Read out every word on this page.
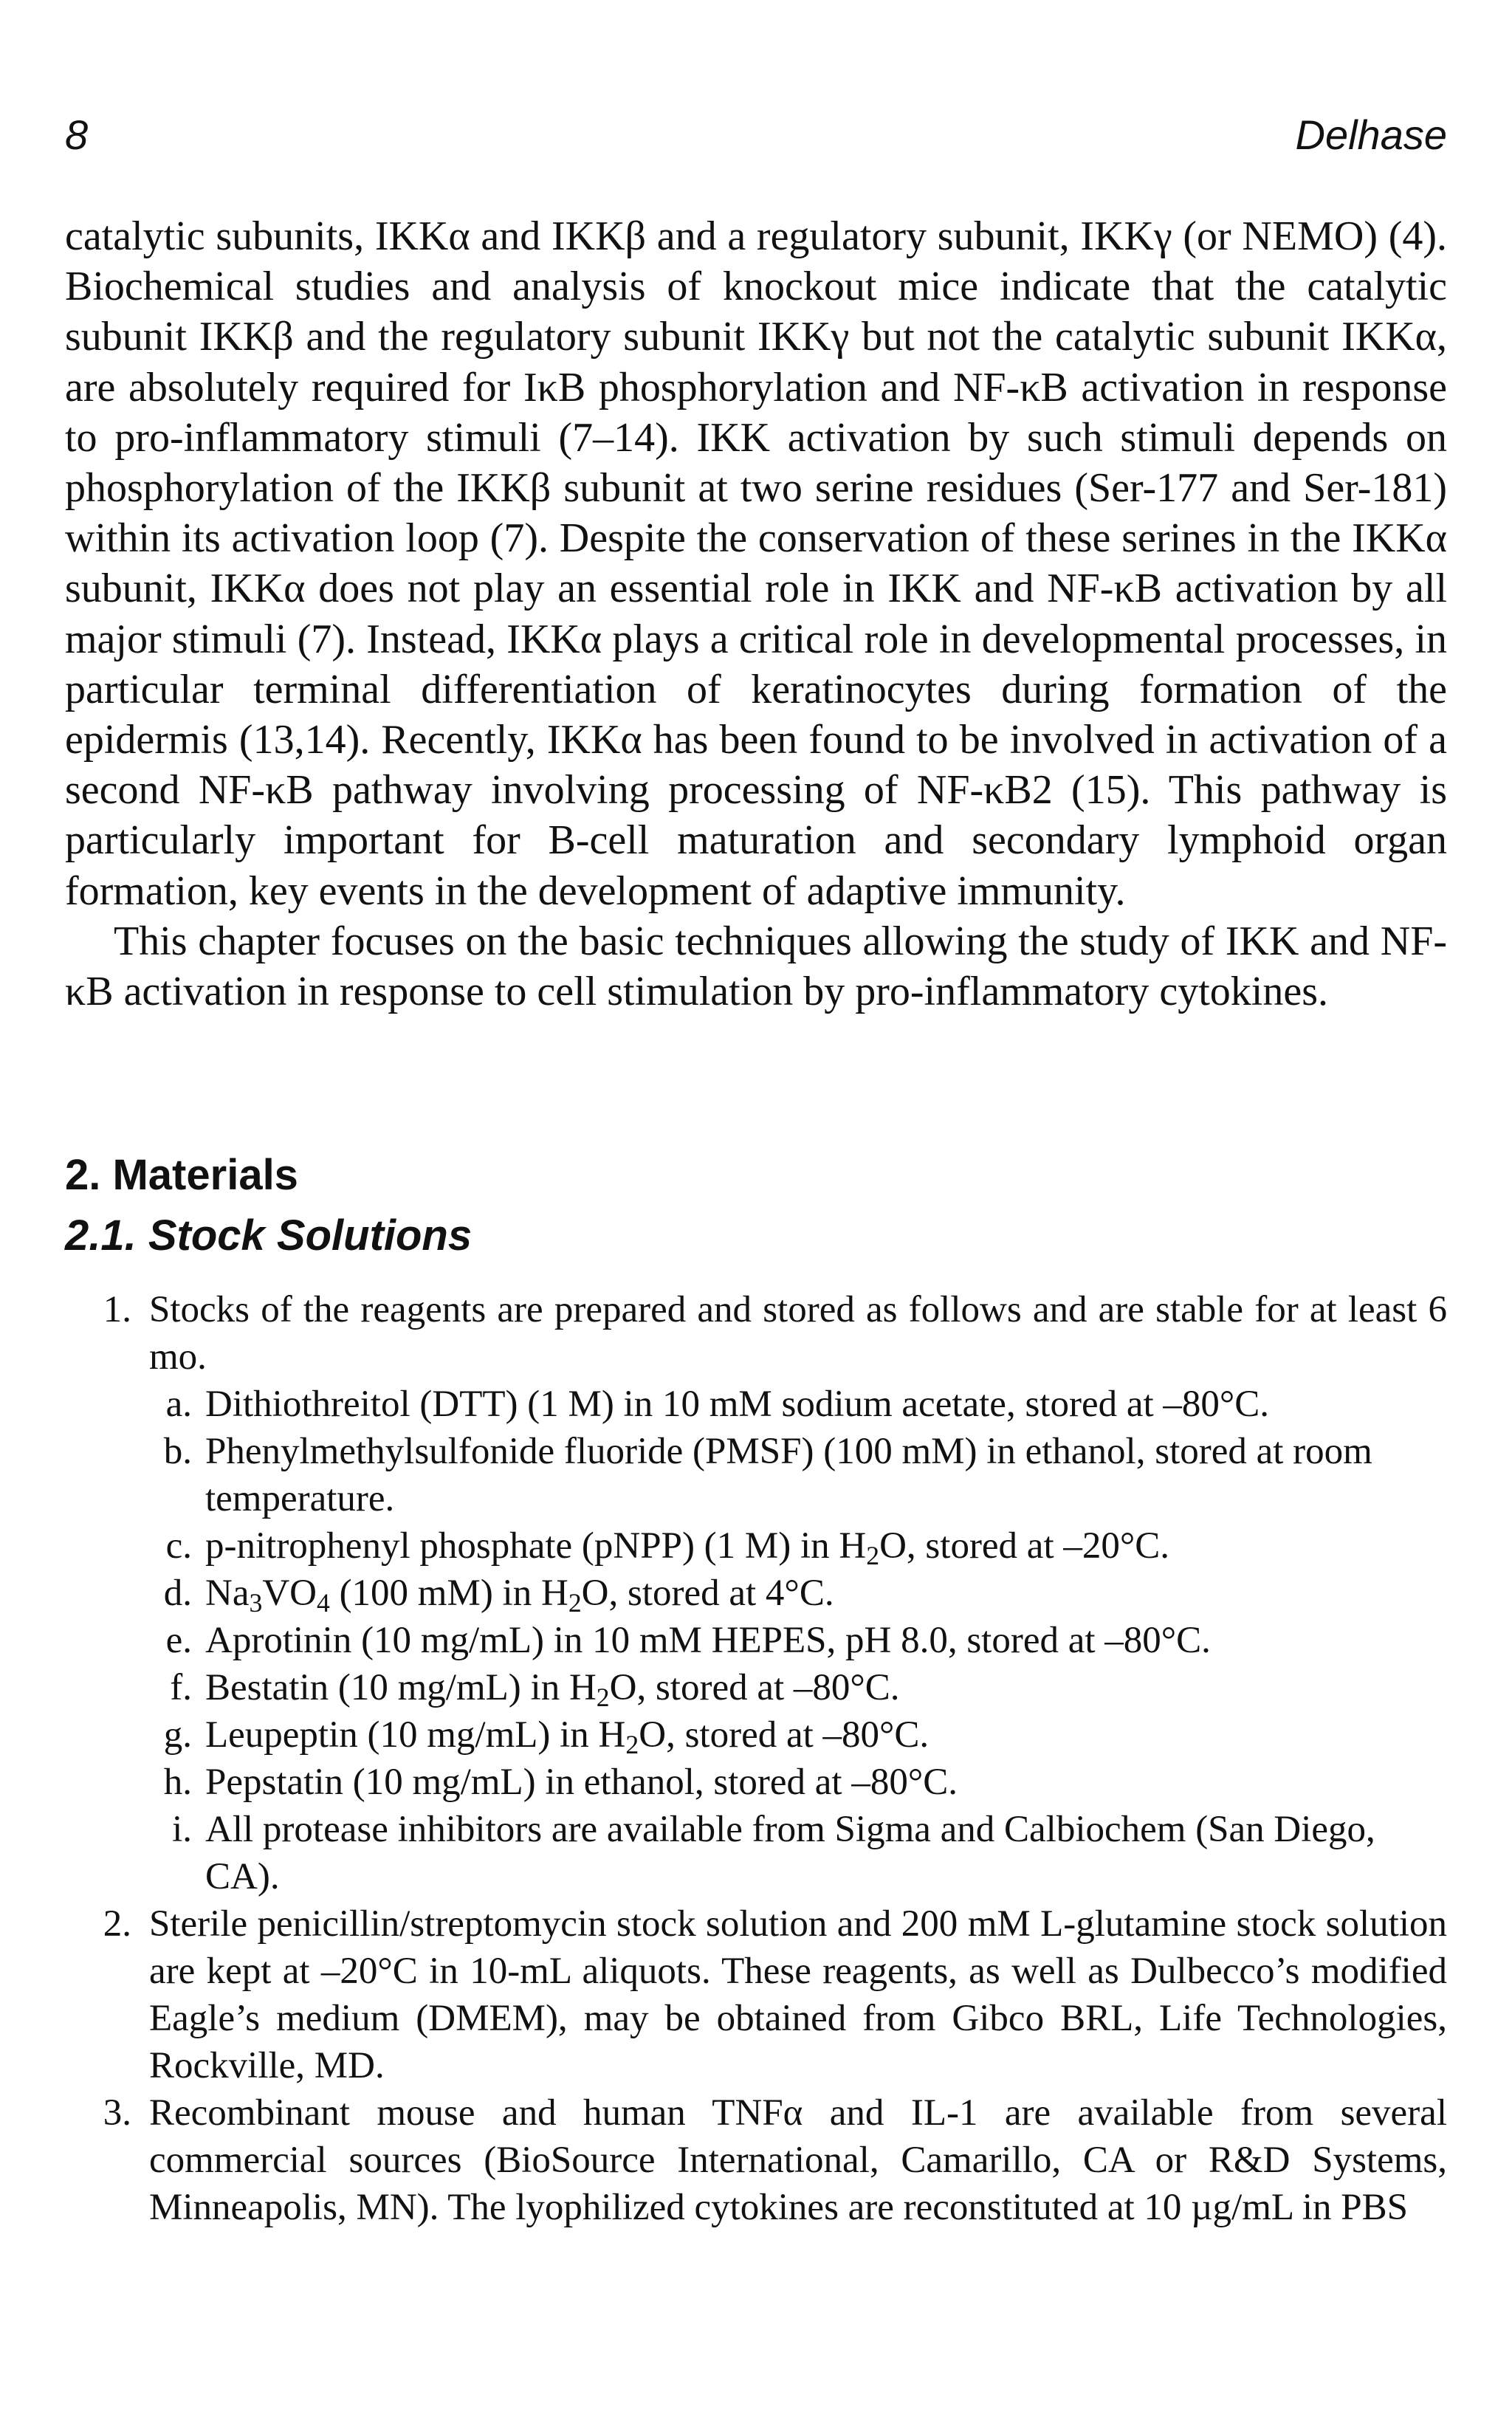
8	Delhase

catalytic subunits, IKKα and IKKβ and a regulatory subunit, IKKγ (or NEMO) (4). Biochemical studies and analysis of knockout mice indicate that the catalytic subunit IKKβ and the regulatory subunit IKKγ but not the catalytic subunit IKKα, are absolutely required for IκB phosphorylation and NF-κB activation in response to pro-inflammatory stimuli (7–14). IKK activation by such stimuli depends on phosphorylation of the IKKβ subunit at two serine residues (Ser-177 and Ser-181) within its activation loop (7). Despite the conservation of these serines in the IKKα subunit, IKKα does not play an essential role in IKK and NF-κB activation by all major stimuli (7). Instead, IKKα plays a critical role in developmental processes, in particular terminal differentiation of keratinocytes during formation of the epidermis (13,14). Recently, IKKα has been found to be involved in activation of a second NF-κB pathway involving processing of NF-κB2 (15). This pathway is particularly important for B-cell maturation and secondary lymphoid organ formation, key events in the development of adaptive immunity.

This chapter focuses on the basic techniques allowing the study of IKK and NF-κB activation in response to cell stimulation by pro-inflammatory cytokines.

2. Materials
2.1. Stock Solutions
1. Stocks of the reagents are prepared and stored as follows and are stable for at least 6 mo.
a. Dithiothreitol (DTT) (1 M) in 10 mM sodium acetate, stored at –80°C.
b. Phenylmethylsulfonide fluoride (PMSF) (100 mM) in ethanol, stored at room temperature.
c. p-nitrophenyl phosphate (pNPP) (1 M) in $H_2O$, stored at –20°C.
d. $Na_3VO_4$ (100 mM) in $H_2O$, stored at 4°C.
e. Aprotinin (10 mg/mL) in 10 mM HEPES, pH 8.0, stored at –80°C.
f. Bestatin (10 mg/mL) in $H_2O$, stored at –80°C.
g. Leupeptin (10 mg/mL) in $H_2O$, stored at –80°C.
h. Pepstatin (10 mg/mL) in ethanol, stored at –80°C.
i. All protease inhibitors are available from Sigma and Calbiochem (San Diego, CA).
2. Sterile penicillin/streptomycin stock solution and 200 mM L-glutamine stock solution are kept at –20°C in 10-mL aliquots. These reagents, as well as Dulbecco’s modified Eagle’s medium (DMEM), may be obtained from Gibco BRL, Life Technologies, Rockville, MD.
3. Recombinant mouse and human TNFα and IL-1 are available from several commercial sources (BioSource International, Camarillo, CA or R&D Systems, Minneapolis, MN). The lyophilized cytokines are reconstituted at 10 µg/mL in PBS
